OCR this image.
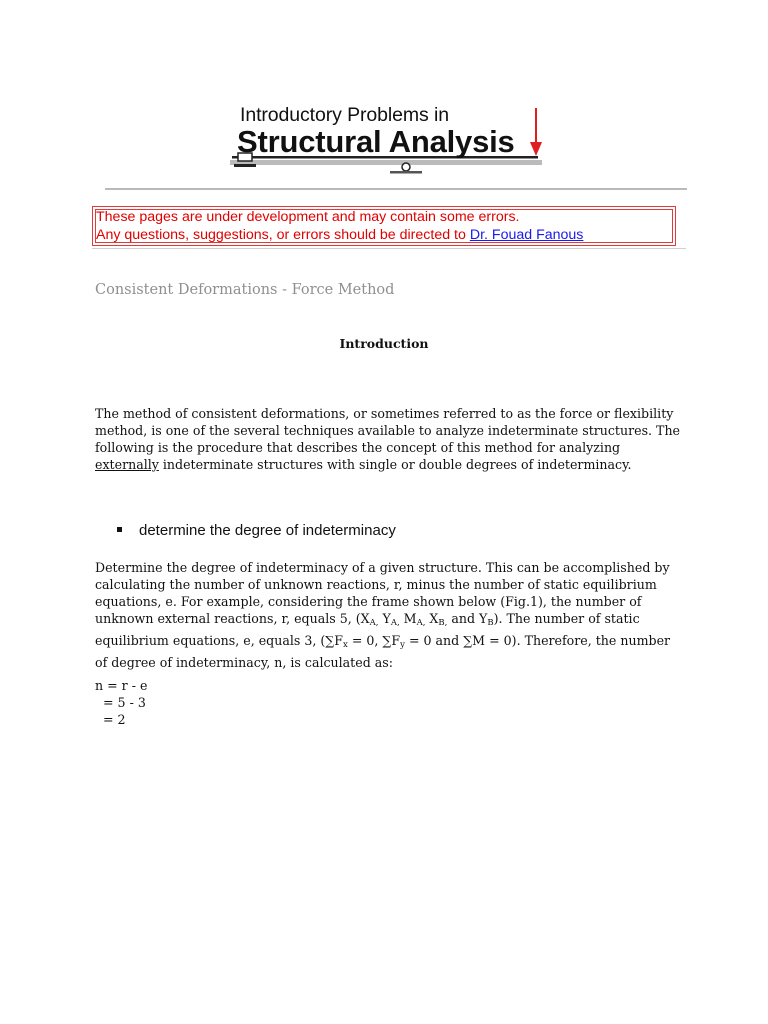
Introductory Problems in
Structural Analysis
These pages are under development and may contain some errors.
Any questions, suggestions, or errors should be directed to Dr. Fouad Fanous
Consistent Deformations - Force Method
Introduction

The method of consistent deformations, or sometimes referred to as the force or flexibility method, is one of the several techniques available to analyze indeterminate structures. The following is the procedure that describes the concept of this method for analyzing externally indeterminate structures with single or double degrees of indeterminacy.

determine the degree of indeterminacy

Determine the degree of indeterminacy of a given structure. This can be accomplished by calculating the number of unknown reactions, r, minus the number of static equilibrium equations, e. For example, considering the frame shown below (Fig.1), the number of unknown external reactions, r, equals 5, ($X_{A,}$ $Y_{A,}$ $M_{A,}$ $X_{B,}$ and $Y_B$). The number of static equilibrium equations, e, equals 3, ($\sum F_x = 0$, $\sum F_y = 0$ and ∑M = 0). Therefore, the number of degree of indeterminacy, n, is calculated as:

n = r - e
= 5 - 3
= 2
